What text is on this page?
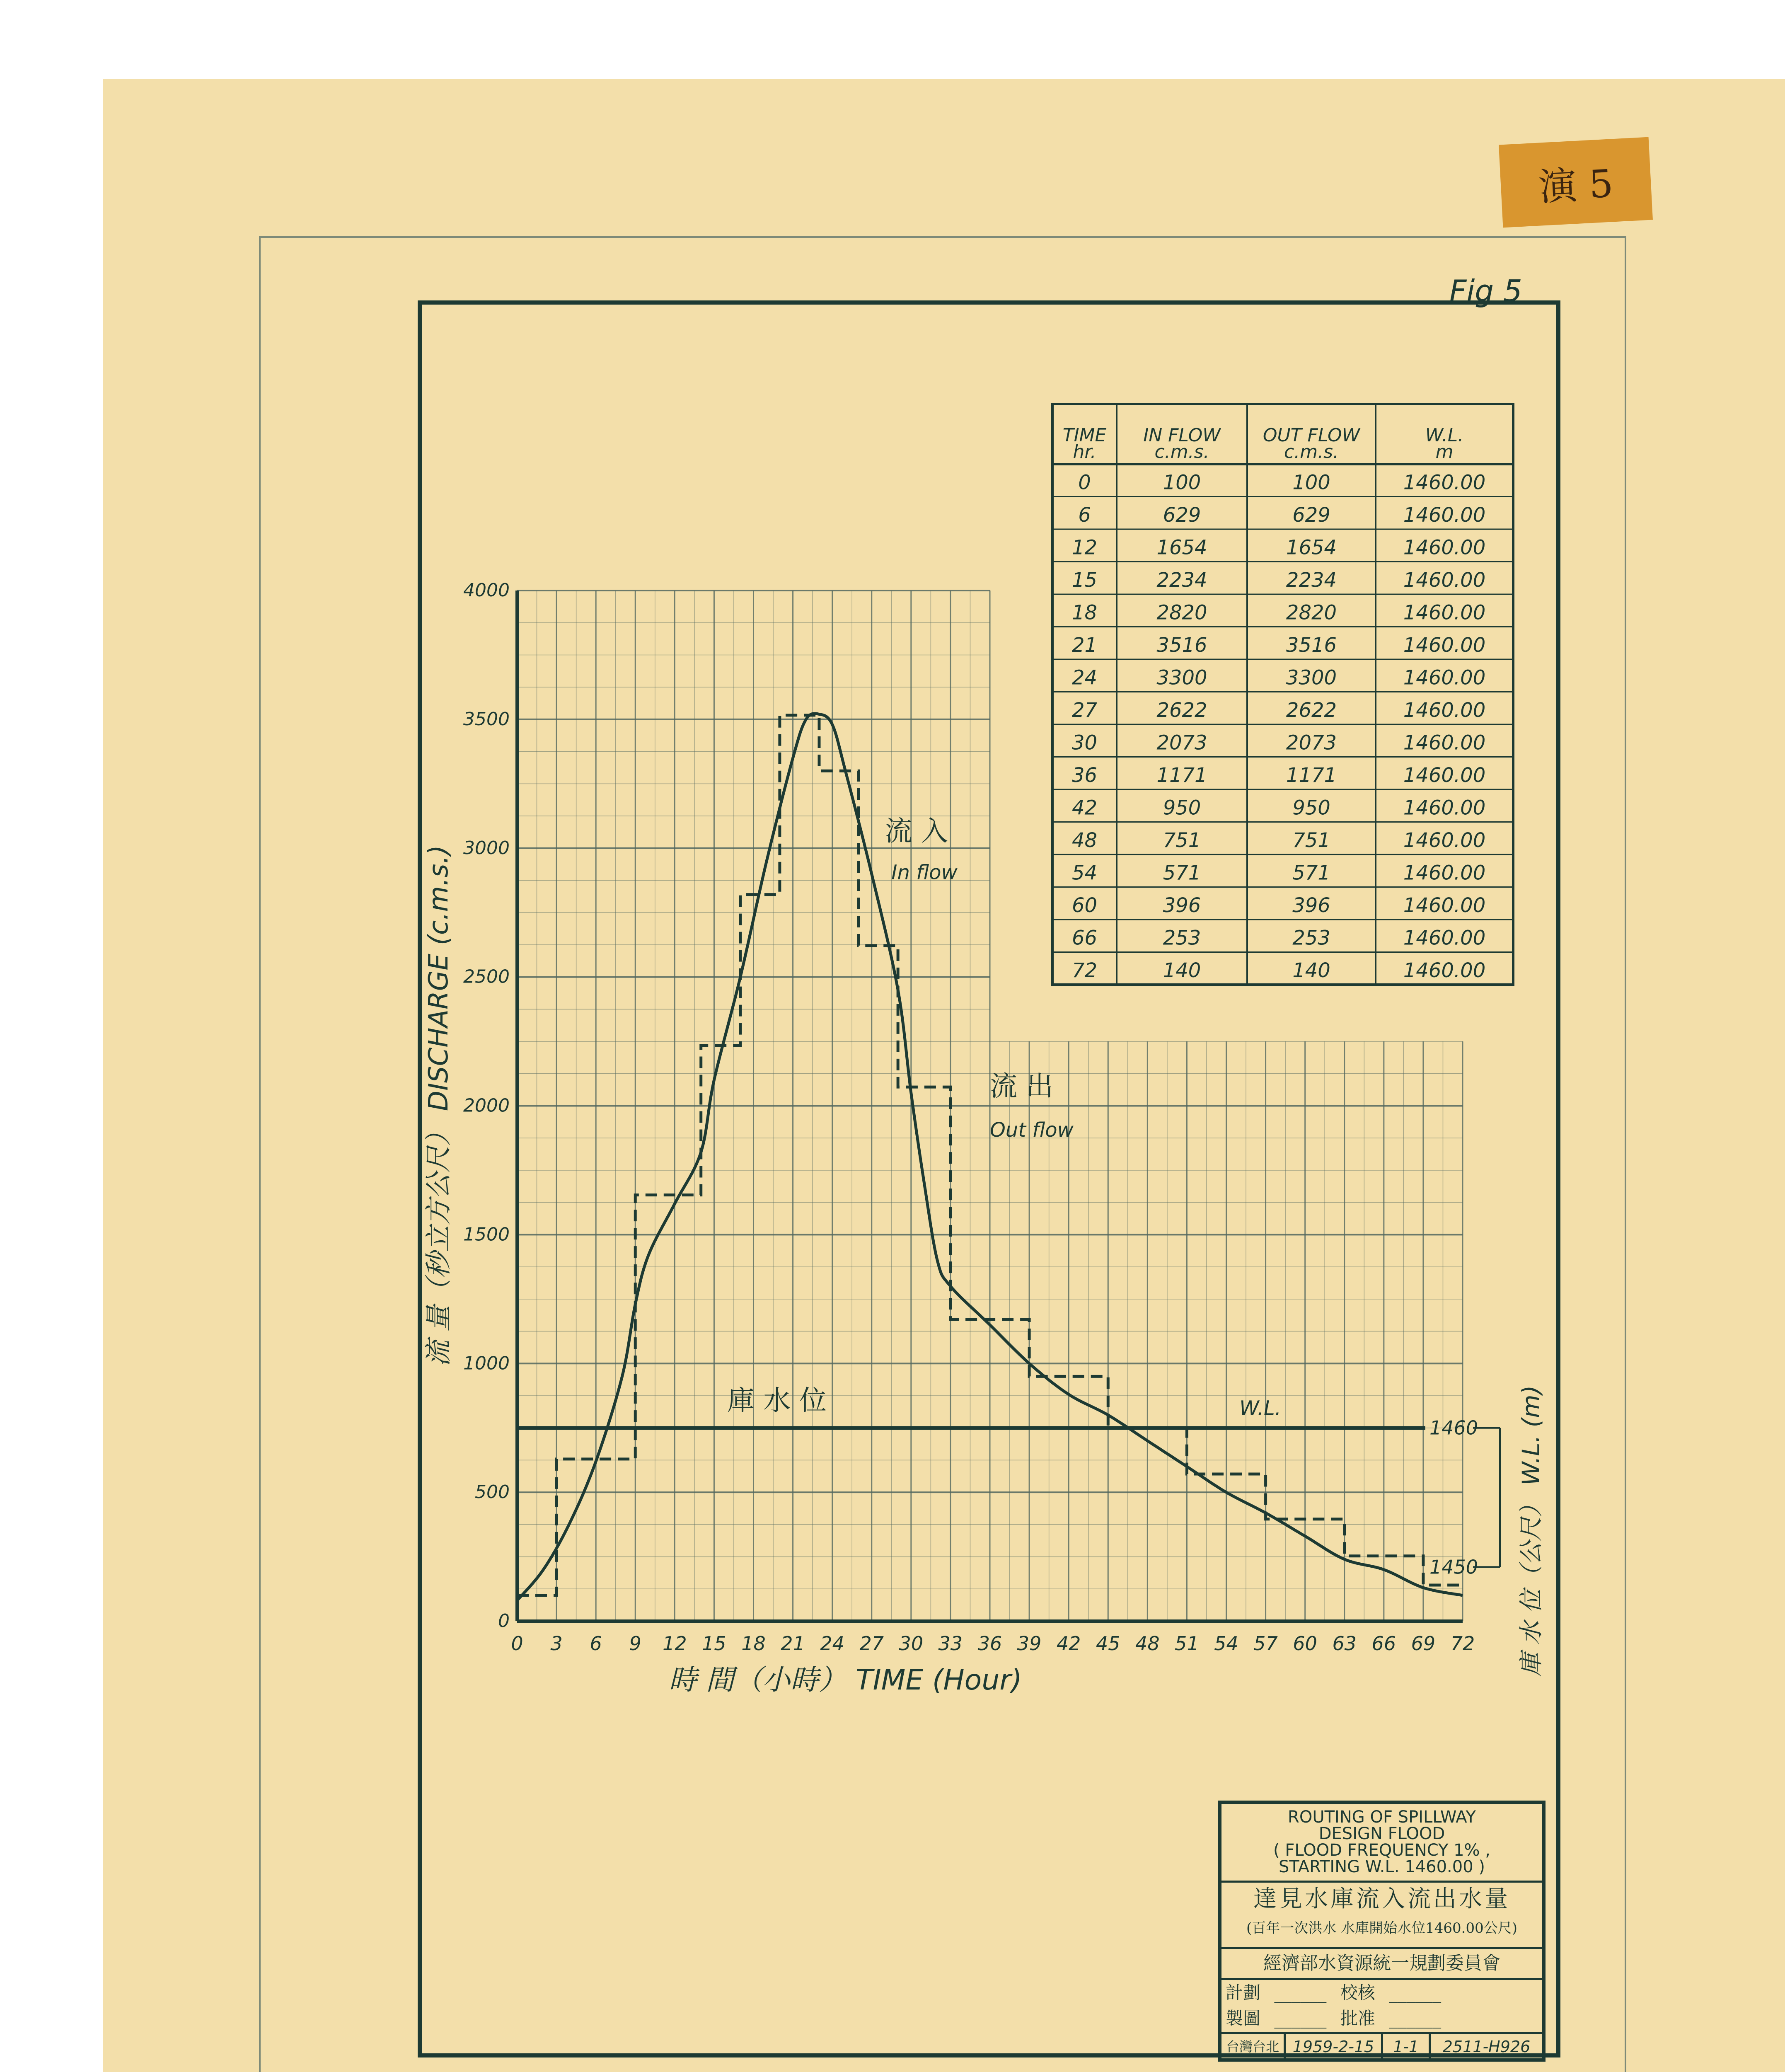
演 5
Fig 5
TIME
hr.
IN FLOW
c.m.s.
OUT FLOW
c.m.s.
W.L.
m
0	100	100	1460.00
6	629	629	1460.00
12	1654	1654	1460.00
15	2234	2234	1460.00
18	2820	2820	1460.00
21	3516	3516	1460.00
24	3300	3300	1460.00
27	2622	2622	1460.00
30	2073	2073	1460.00
36	1171	1171	1460.00
42	950	950	1460.00
48	751	751	1460.00
54	571	571	1460.00
60	396	396	1460.00
66	253	253	1460.00
72	140	140	1460.00
0 3 6 9 12 15 18 21 24 27 30 33 36 39 42 45 48 51 54 57 60 63 66 69 72
0
500
1000
1500
2000
2500
3000
3500
4000
1460
1450
流 入
In flow
流 出
Out flow
庫 水 位	W.L.
時 間（小時） TIME (Hour)
流 量（秒立方公尺） DISCHARGE (c.m.s.)
庫 水 位（公尺） W.L. (m)
ROUTING OF SPILLWAY
DESIGN FLOOD
( FLOOD FREQUENCY 1% ,
STARTING W.L. 1460.00 )
達見水庫流入流出水量
(百年一次洪水 水庫開始水位1460.00公尺)
經濟部水資源統一規劃委員會
計劃 ______ 校核 ______
製圖 ______ 批准 ______
台灣台北 1959-2-15	1-1	2511-H926
